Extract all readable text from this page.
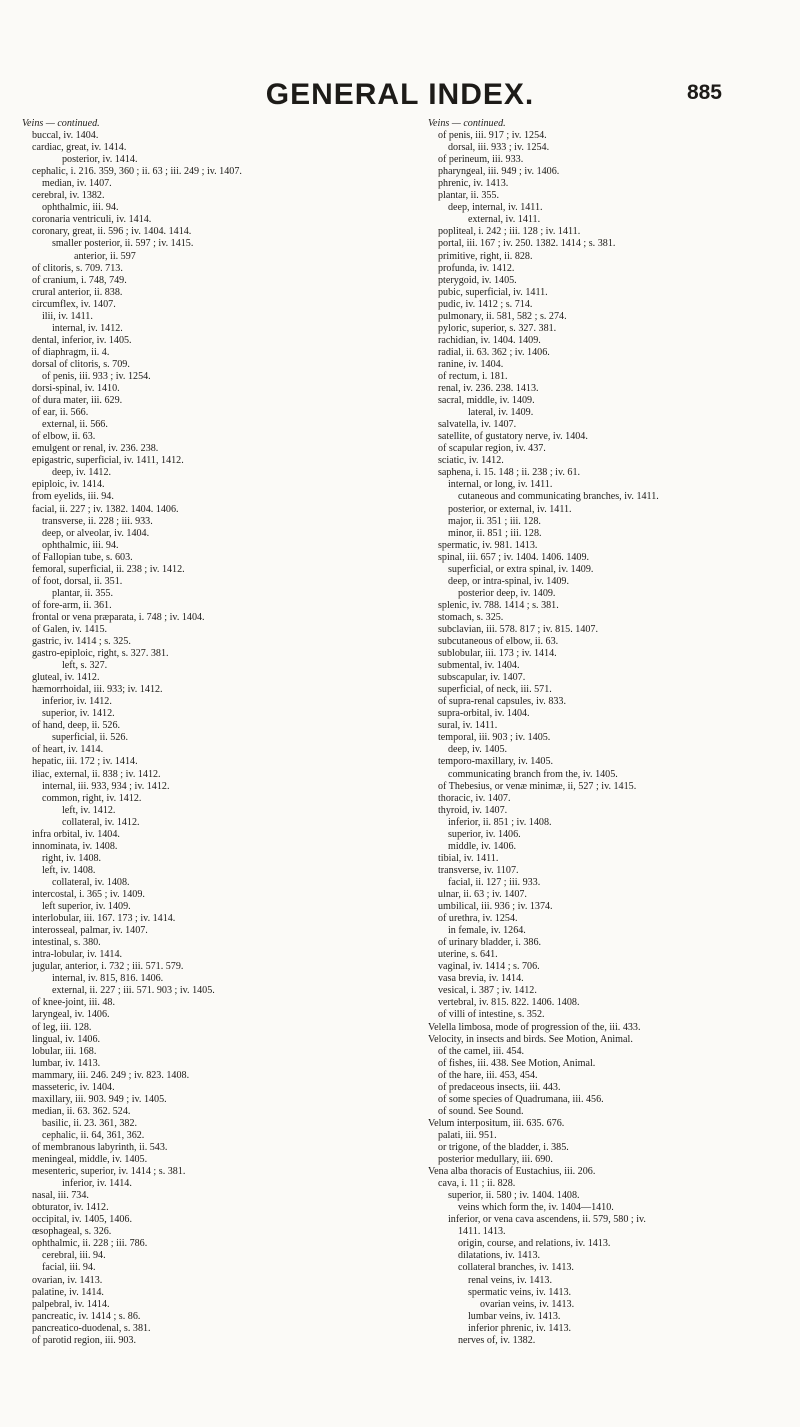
GENERAL INDEX.	885
Veins — continued.
buccal, iv. 1404.
cardiac, great, iv. 1414.
posterior, iv. 1414.
cephalic, i. 216. 359, 360 ; ii. 63 ; iii. 249 ; iv. 1407.
median, iv. 1407.
cerebral, iv. 1382.
ophthalmic, iii. 94.
coronaria ventriculi, iv. 1414.
coronary, great, ii. 596 ; iv. 1404. 1414.
smaller posterior, ii. 597 ; iv. 1415.
anterior, ii. 597
of clitoris, s. 709. 713.
of cranium, i. 748, 749.
crural anterior, ii. 838.
circumflex, iv. 1407.
ilii, iv. 1411.
internal, iv. 1412.
dental, inferior, iv. 1405.
of diaphragm, ii. 4.
dorsal of clitoris, s. 709.
of penis, iii. 933 ; iv. 1254.
dorsi-spinal, iv. 1410.
of dura mater, iii. 629.
of ear, ii. 566.
external, ii. 566.
of elbow, ii. 63.
emulgent or renal, iv. 236. 238.
epigastric, superficial, iv. 1411, 1412.
deep, iv. 1412.
epiploic, iv. 1414.
from eyelids, iii. 94.
facial, ii. 227 ; iv. 1382. 1404. 1406.
transverse, ii. 228 ; iii. 933.
deep, or alveolar, iv. 1404.
ophthalmic, iii. 94.
of Fallopian tube, s. 603.
femoral, superficial, ii. 238 ; iv. 1412.
of foot, dorsal, ii. 351.
plantar, ii. 355.
of fore-arm, ii. 361.
frontal or vena præparata, i. 748 ; iv. 1404.
of Galen, iv. 1415.
gastric, iv. 1414 ; s. 325.
gastro-epiploic, right, s. 327. 381.
left, s. 327.
gluteal, iv. 1412.
hæmorrhoidal, iii. 933; iv. 1412.
inferior, iv. 1412.
superior, iv. 1412.
of hand, deep, ii. 526.
superficial, ii. 526.
of heart, iv. 1414.
hepatic, iii. 172 ; iv. 1414.
iliac, external, ii. 838 ; iv. 1412.
internal, iii. 933, 934 ; iv. 1412.
common, right, iv. 1412.
left, iv. 1412.
collateral, iv. 1412.
infra orbital, iv. 1404.
innominata, iv. 1408.
right, iv. 1408.
left, iv. 1408.
collateral, iv. 1408.
intercostal, i. 365 ; iv. 1409.
left superior, iv. 1409.
interlobular, iii. 167. 173 ; iv. 1414.
interosseal, palmar, iv. 1407.
intestinal, s. 380.
intra-lobular, iv. 1414.
jugular, anterior, i. 732 ; iii. 571. 579.
internal, iv. 815, 816. 1406.
external, ii. 227 ; iii. 571. 903 ; iv. 1405.
of knee-joint, iii. 48.
laryngeal, iv. 1406.
of leg, iii. 128.
lingual, iv. 1406.
lobular, iii. 168.
lumbar, iv. 1413.
mammary, iii. 246. 249 ; iv. 823. 1408.
masseteric, iv. 1404.
maxillary, iii. 903. 949 ; iv. 1405.
median, ii. 63. 362. 524.
basilic, ii. 23. 361, 382.
cephalic, ii. 64, 361, 362.
of membranous labyrinth, ii. 543.
meningeal, middle, iv. 1405.
mesenteric, superior, iv. 1414 ; s. 381.
inferior, iv. 1414.
nasal, iii. 734.
obturator, iv. 1412.
occipital, iv. 1405, 1406.
œsophageal, s. 326.
ophthalmic, ii. 228 ; iii. 786.
cerebral, iii. 94.
facial, iii. 94.
ovarian, iv. 1413.
palatine, iv. 1414.
palpebral, iv. 1414.
pancreatic, iv. 1414 ; s. 86.
pancreatico-duodenal, s. 381.
of parotid region, iii. 903.
Veins — continued.
of penis, iii. 917 ; iv. 1254.
dorsal, iii. 933 ; iv. 1254.
of perineum, iii. 933.
pharyngeal, iii. 949 ; iv. 1406.
phrenic, iv. 1413.
plantar, ii. 355.
deep, internal, iv. 1411.
external, iv. 1411.
popliteal, i. 242 ; iii. 128 ; iv. 1411.
portal, iii. 167 ; iv. 250. 1382. 1414 ; s. 381.
primitive, right, ii. 828.
profunda, iv. 1412.
pterygoid, iv. 1405.
pubic, superficial, iv. 1411.
pudic, iv. 1412 ; s. 714.
pulmonary, ii. 581, 582 ; s. 274.
pyloric, superior, s. 327. 381.
rachidian, iv. 1404. 1409.
radial, ii. 63. 362 ; iv. 1406.
ranine, iv. 1404.
of rectum, i. 181.
renal, iv. 236. 238. 1413.
sacral, middle, iv. 1409.
lateral, iv. 1409.
salvatella, iv. 1407.
satellite, of gustatory nerve, iv. 1404.
of scapular region, iv. 437.
sciatic, iv. 1412.
saphena, i. 15. 148 ; ii. 238 ; iv. 61.
internal, or long, iv. 1411.
cutaneous and communicating branches, iv. 1411.
posterior, or external, iv. 1411.
major, ii. 351 ; iii. 128.
minor, ii. 851 ; iii. 128.
spermatic, iv. 981. 1413.
spinal, iii. 657 ; iv. 1404. 1406. 1409.
superficial, or extra spinal, iv. 1409.
deep, or intra-spinal, iv. 1409.
posterior deep, iv. 1409.
splenic, iv. 788. 1414 ; s. 381.
stomach, s. 325.
subclavian, iii. 578. 817 ; iv. 815. 1407.
subcutaneous of elbow, ii. 63.
sublobular, iii. 173 ; iv. 1414.
submental, iv. 1404.
subscapular, iv. 1407.
superficial, of neck, iii. 571.
of supra-renal capsules, iv. 833.
supra-orbital, iv. 1404.
sural, iv. 1411.
temporal, iii. 903 ; iv. 1405.
deep, iv. 1405.
temporo-maxillary, iv. 1405.
communicating branch from the, iv. 1405.
of Thebesius, or venæ minimæ, ii, 527 ; iv. 1415.
thoracic, iv. 1407.
thyroid, iv. 1407.
inferior, ii. 851 ; iv. 1408.
superior, iv. 1406.
middle, iv. 1406.
tibial, iv. 1411.
transverse, iv. 1107.
facial, ii. 127 ; iii. 933.
ulnar, ii. 63 ; iv. 1407.
umbilical, iii. 936 ; iv. 1374.
of urethra, iv. 1254.
in female, iv. 1264.
of urinary bladder, i. 386.
uterine, s. 641.
vaginal, iv. 1414 ; s. 706.
vasa brevia, iv. 1414.
vesical, i. 387 ; iv. 1412.
vertebral, iv. 815. 822. 1406. 1408.
of villi of intestine, s. 352.
Velella limbosa, mode of progression of the, iii. 433.
Velocity, in insects and birds. See Motion, Animal.
of the camel, iii. 454.
of fishes, iii. 438. See Motion, Animal.
of the hare, iii. 453, 454.
of predaceous insects, iii. 443.
of some species of Quadrumana, iii. 456.
of sound. See Sound.
Velum interpositum, iii. 635. 676.
palati, iii. 951.
or trigone, of the bladder, i. 385.
posterior medullary, iii. 690.
Vena alba thoracis of Eustachius, iii. 206.
cava, i. 11 ; ii. 828.
superior, ii. 580 ; iv. 1404. 1408.
veins which form the, iv. 1404—1410.
inferior, or vena cava ascendens, ii. 579, 580 ; iv.
1411. 1413.
origin, course, and relations, iv. 1413.
dilatations, iv. 1413.
collateral branches, iv. 1413.
renal veins, iv. 1413.
spermatic veins, iv. 1413.
ovarian veins, iv. 1413.
lumbar veins, iv. 1413.
inferior phrenic, iv. 1413.
nerves of, iv. 1382.
